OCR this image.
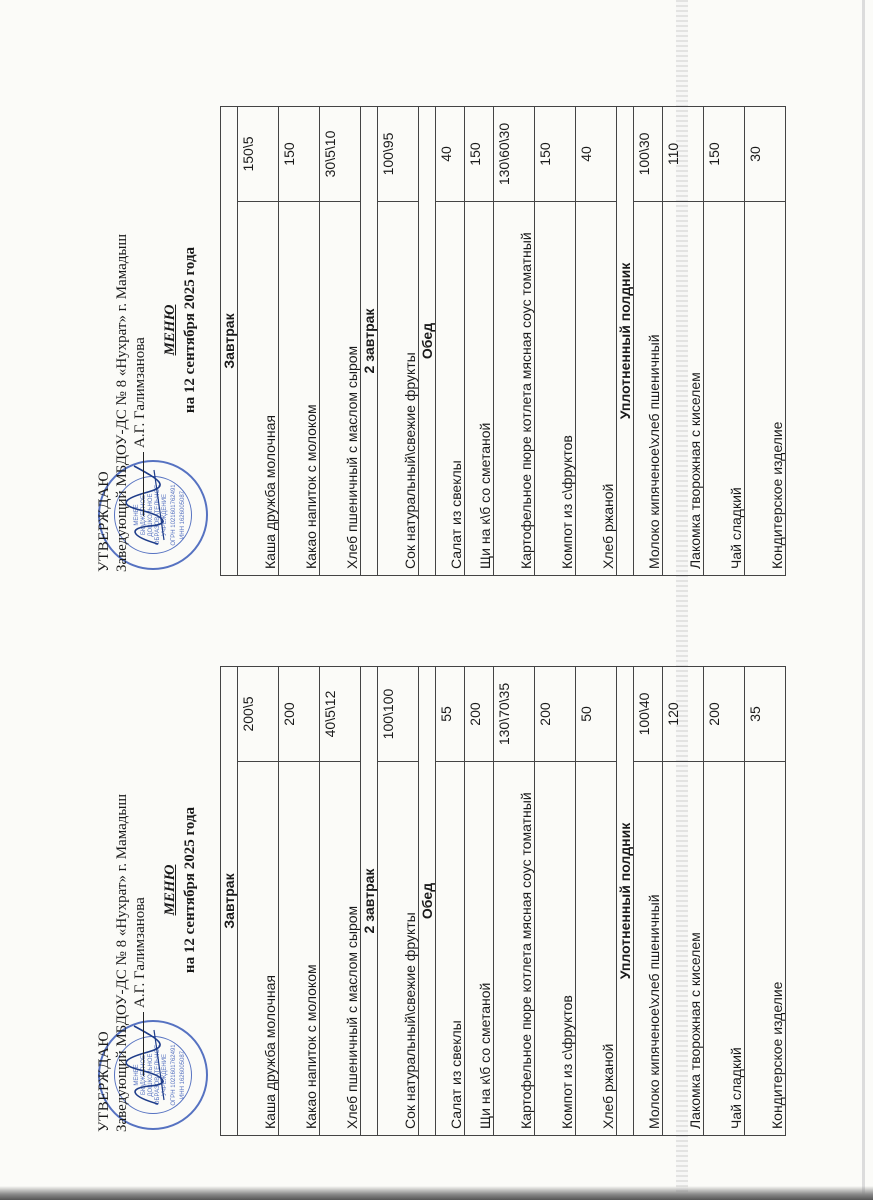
МЕНЕЕ БЮДЖЕТНОЕ ДОШКОЛЬНОЕ ОБРАЗОВАТЕЛЬНОЕ УЧРЕЖДЕНИЕ ОГРН 1021601762491 ИНН 1626005087
УТВЕРЖДАЮ Заведующий МБДОУ-ДС № 8 «Нухрат» г. Мамадыш А.Г. Галимзанова
МЕНЮ на 12 сентября 2025 года Завтрак	
Каша дружба молочная	150\5
Какао напиток с молоком	150
Хлеб пшеничный с маслом сыром	30\5\10
2 завтрак	
Сок натуральный\свежие фрукты	100\95
Обед	
Салат из свеклы	40
Щи на к\б со сметаной	150
Картофельное пюре котлета мясная соус томатный	130\60\30
Компот из с\фруктов	150
Хлеб ржаной	40
Уплотненный полдник	
Молоко кипяченое\хлеб пшеничный	100\30
Лакомка творожная с киселем	110
Чай сладкий	150
Кондитерское изделие	30
МЕНЕЕ БЮДЖЕТНОЕ ДОШКОЛЬНОЕ ОБРАЗОВАТЕЛЬНОЕ УЧРЕЖДЕНИЕ ОГРН 1021601762491 ИНН 1626005087
УТВЕРЖДАЮ Заведующий МБДОУ-ДС № 8 «Нухрат» г. Мамадыш А.Г. Галимзанова
МЕНЮ на 12 сентября 2025 года Завтрак	
Каша дружба молочная	200\5
Какао напиток с молоком	200
Хлеб пшеничный с маслом сыром	40\5\12
2 завтрак	
Сок натуральный\свежие фрукты	100\100
Обед	
Салат из свеклы	55
Щи на к\б со сметаной	200
Картофельное пюре котлета мясная соус томатный	130\70\35
Компот из с\фруктов	200
Хлеб ржаной	50
Уплотненный полдник	
Молоко кипяченое\хлеб пшеничный	100\40
Лакомка творожная с киселем	120
Чай сладкий	200
Кондитерское изделие	35
